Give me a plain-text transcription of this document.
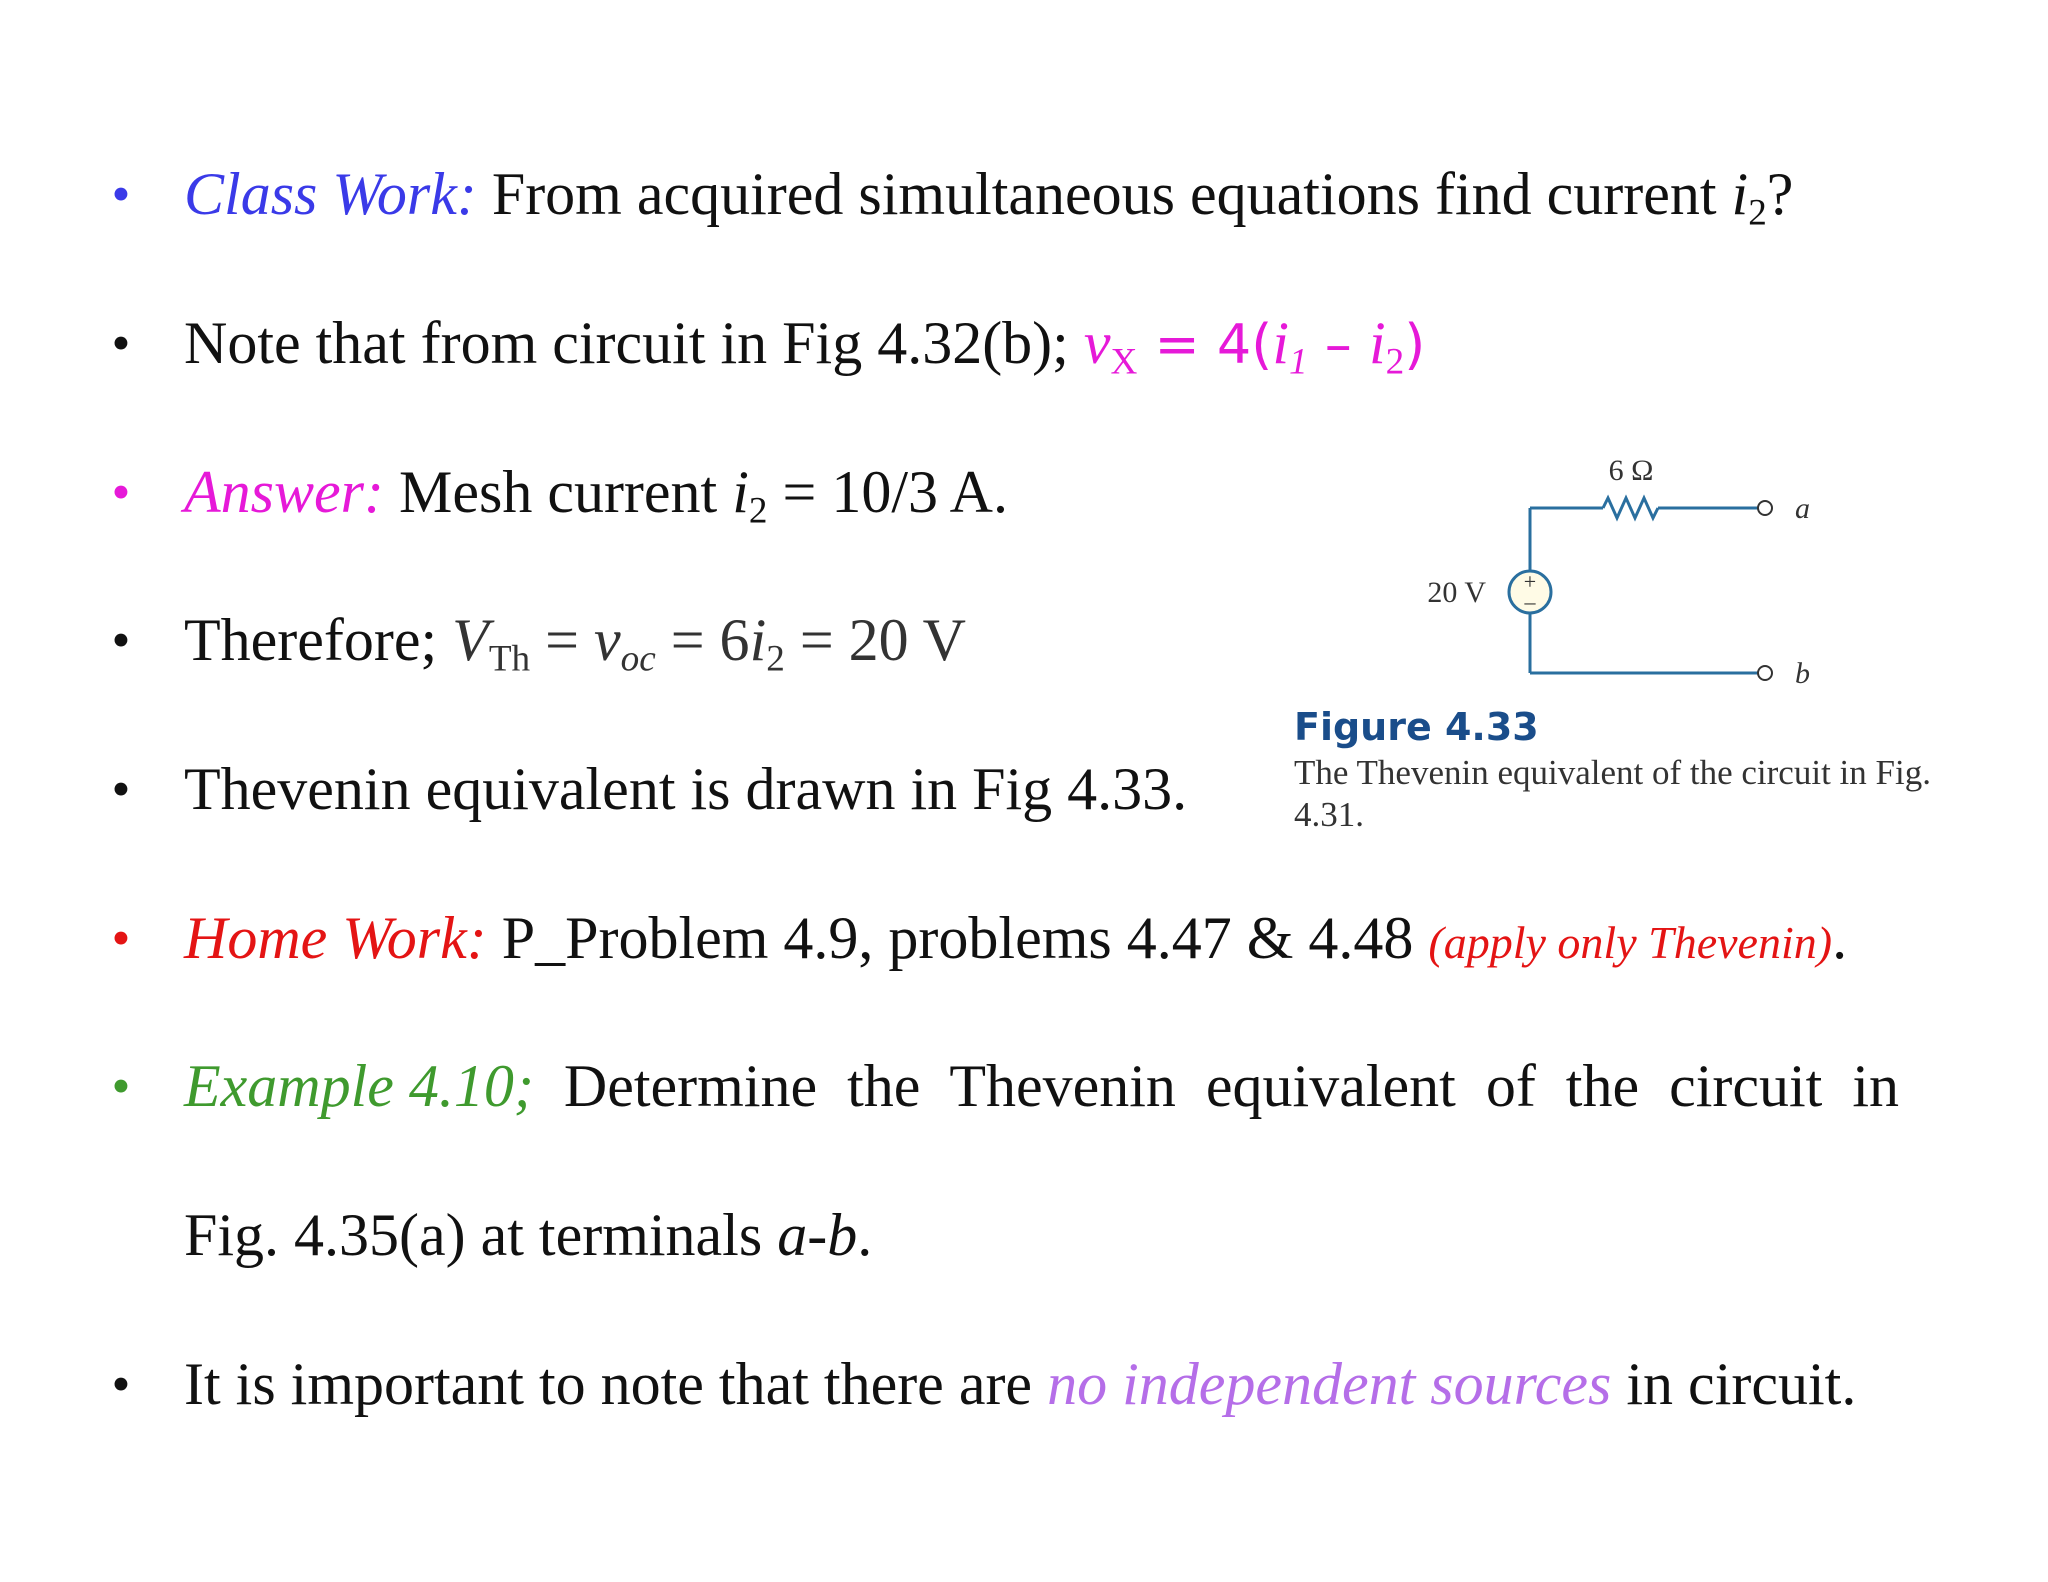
• Class Work: From acquired simultaneous equations find current $i_2$?
• Note that from circuit in Fig 4.32(b); $v_X = 4(i_1 - i_2)$
• Answer: Mesh current $i_2 = 10/3$ A.
• Therefore; $V_{Th} = v_{oc} = 6i_2 = 20$ V
• Thevenin equivalent is drawn in Fig 4.33.
• Home Work: P_Problem 4.9, problems 4.47 & 4.48 (apply only Thevenin).
• Example 4.10;  Determine  the  Thevenin  equivalent  of  the  circuit  in
Fig. 4.35(a) at terminals a-b.
• It is important to note that there are no independent sources in circuit.
+
–
6 Ω
20 V
a
b
Figure 4.33
The Thevenin equivalent of the circuit in Fig. 4.31.
